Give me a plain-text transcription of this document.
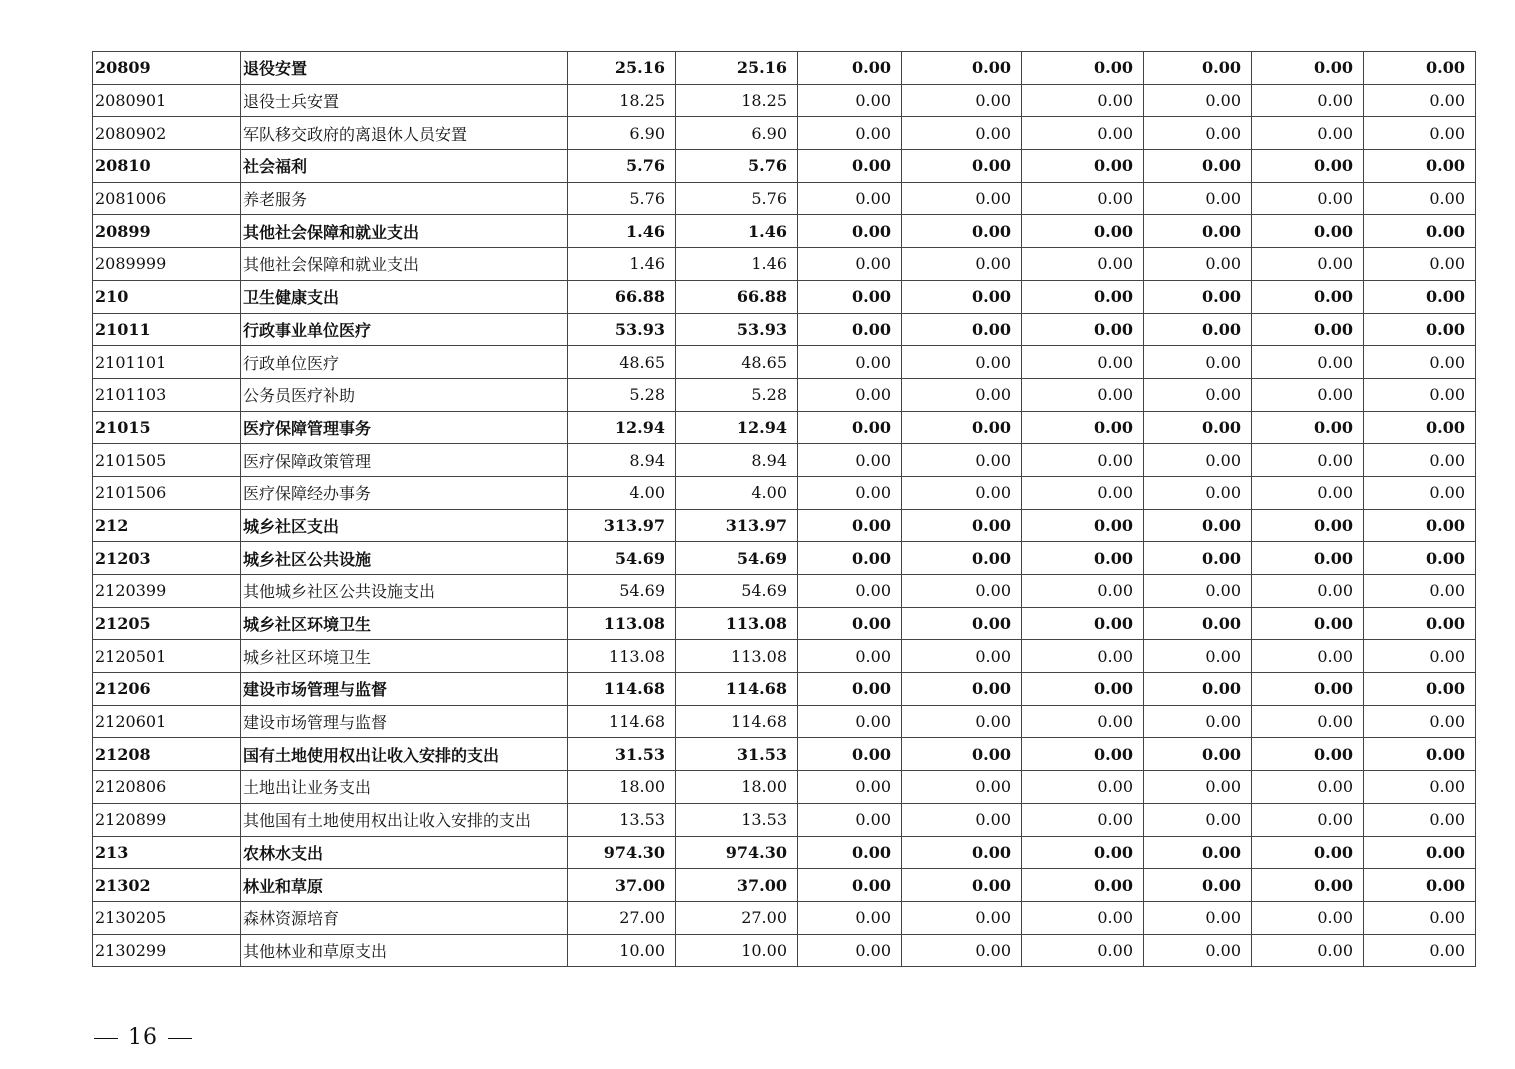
20809	退役安置	25.16	25.16	0.00	0.00	0.00	0.00	0.00	0.00
2080901	退役士兵安置	18.25	18.25	0.00	0.00	0.00	0.00	0.00	0.00
2080902	军队移交政府的离退休人员安置	6.90	6.90	0.00	0.00	0.00	0.00	0.00	0.00
20810	社会福利	5.76	5.76	0.00	0.00	0.00	0.00	0.00	0.00
2081006	养老服务	5.76	5.76	0.00	0.00	0.00	0.00	0.00	0.00
20899	其他社会保障和就业支出	1.46	1.46	0.00	0.00	0.00	0.00	0.00	0.00
2089999	其他社会保障和就业支出	1.46	1.46	0.00	0.00	0.00	0.00	0.00	0.00
210	卫生健康支出	66.88	66.88	0.00	0.00	0.00	0.00	0.00	0.00
21011	行政事业单位医疗	53.93	53.93	0.00	0.00	0.00	0.00	0.00	0.00
2101101	行政单位医疗	48.65	48.65	0.00	0.00	0.00	0.00	0.00	0.00
2101103	公务员医疗补助	5.28	5.28	0.00	0.00	0.00	0.00	0.00	0.00
21015	医疗保障管理事务	12.94	12.94	0.00	0.00	0.00	0.00	0.00	0.00
2101505	医疗保障政策管理	8.94	8.94	0.00	0.00	0.00	0.00	0.00	0.00
2101506	医疗保障经办事务	4.00	4.00	0.00	0.00	0.00	0.00	0.00	0.00
212	城乡社区支出	313.97	313.97	0.00	0.00	0.00	0.00	0.00	0.00
21203	城乡社区公共设施	54.69	54.69	0.00	0.00	0.00	0.00	0.00	0.00
2120399	其他城乡社区公共设施支出	54.69	54.69	0.00	0.00	0.00	0.00	0.00	0.00
21205	城乡社区环境卫生	113.08	113.08	0.00	0.00	0.00	0.00	0.00	0.00
2120501	城乡社区环境卫生	113.08	113.08	0.00	0.00	0.00	0.00	0.00	0.00
21206	建设市场管理与监督	114.68	114.68	0.00	0.00	0.00	0.00	0.00	0.00
2120601	建设市场管理与监督	114.68	114.68	0.00	0.00	0.00	0.00	0.00	0.00
21208	国有土地使用权出让收入安排的支出	31.53	31.53	0.00	0.00	0.00	0.00	0.00	0.00
2120806	土地出让业务支出	18.00	18.00	0.00	0.00	0.00	0.00	0.00	0.00
2120899	其他国有土地使用权出让收入安排的支出	13.53	13.53	0.00	0.00	0.00	0.00	0.00	0.00
213	农林水支出	974.30	974.30	0.00	0.00	0.00	0.00	0.00	0.00
21302	林业和草原	37.00	37.00	0.00	0.00	0.00	0.00	0.00	0.00
2130205	森林资源培育	27.00	27.00	0.00	0.00	0.00	0.00	0.00	0.00
2130299	其他林业和草原支出	10.00	10.00	0.00	0.00	0.00	0.00	0.00	0.00
16
